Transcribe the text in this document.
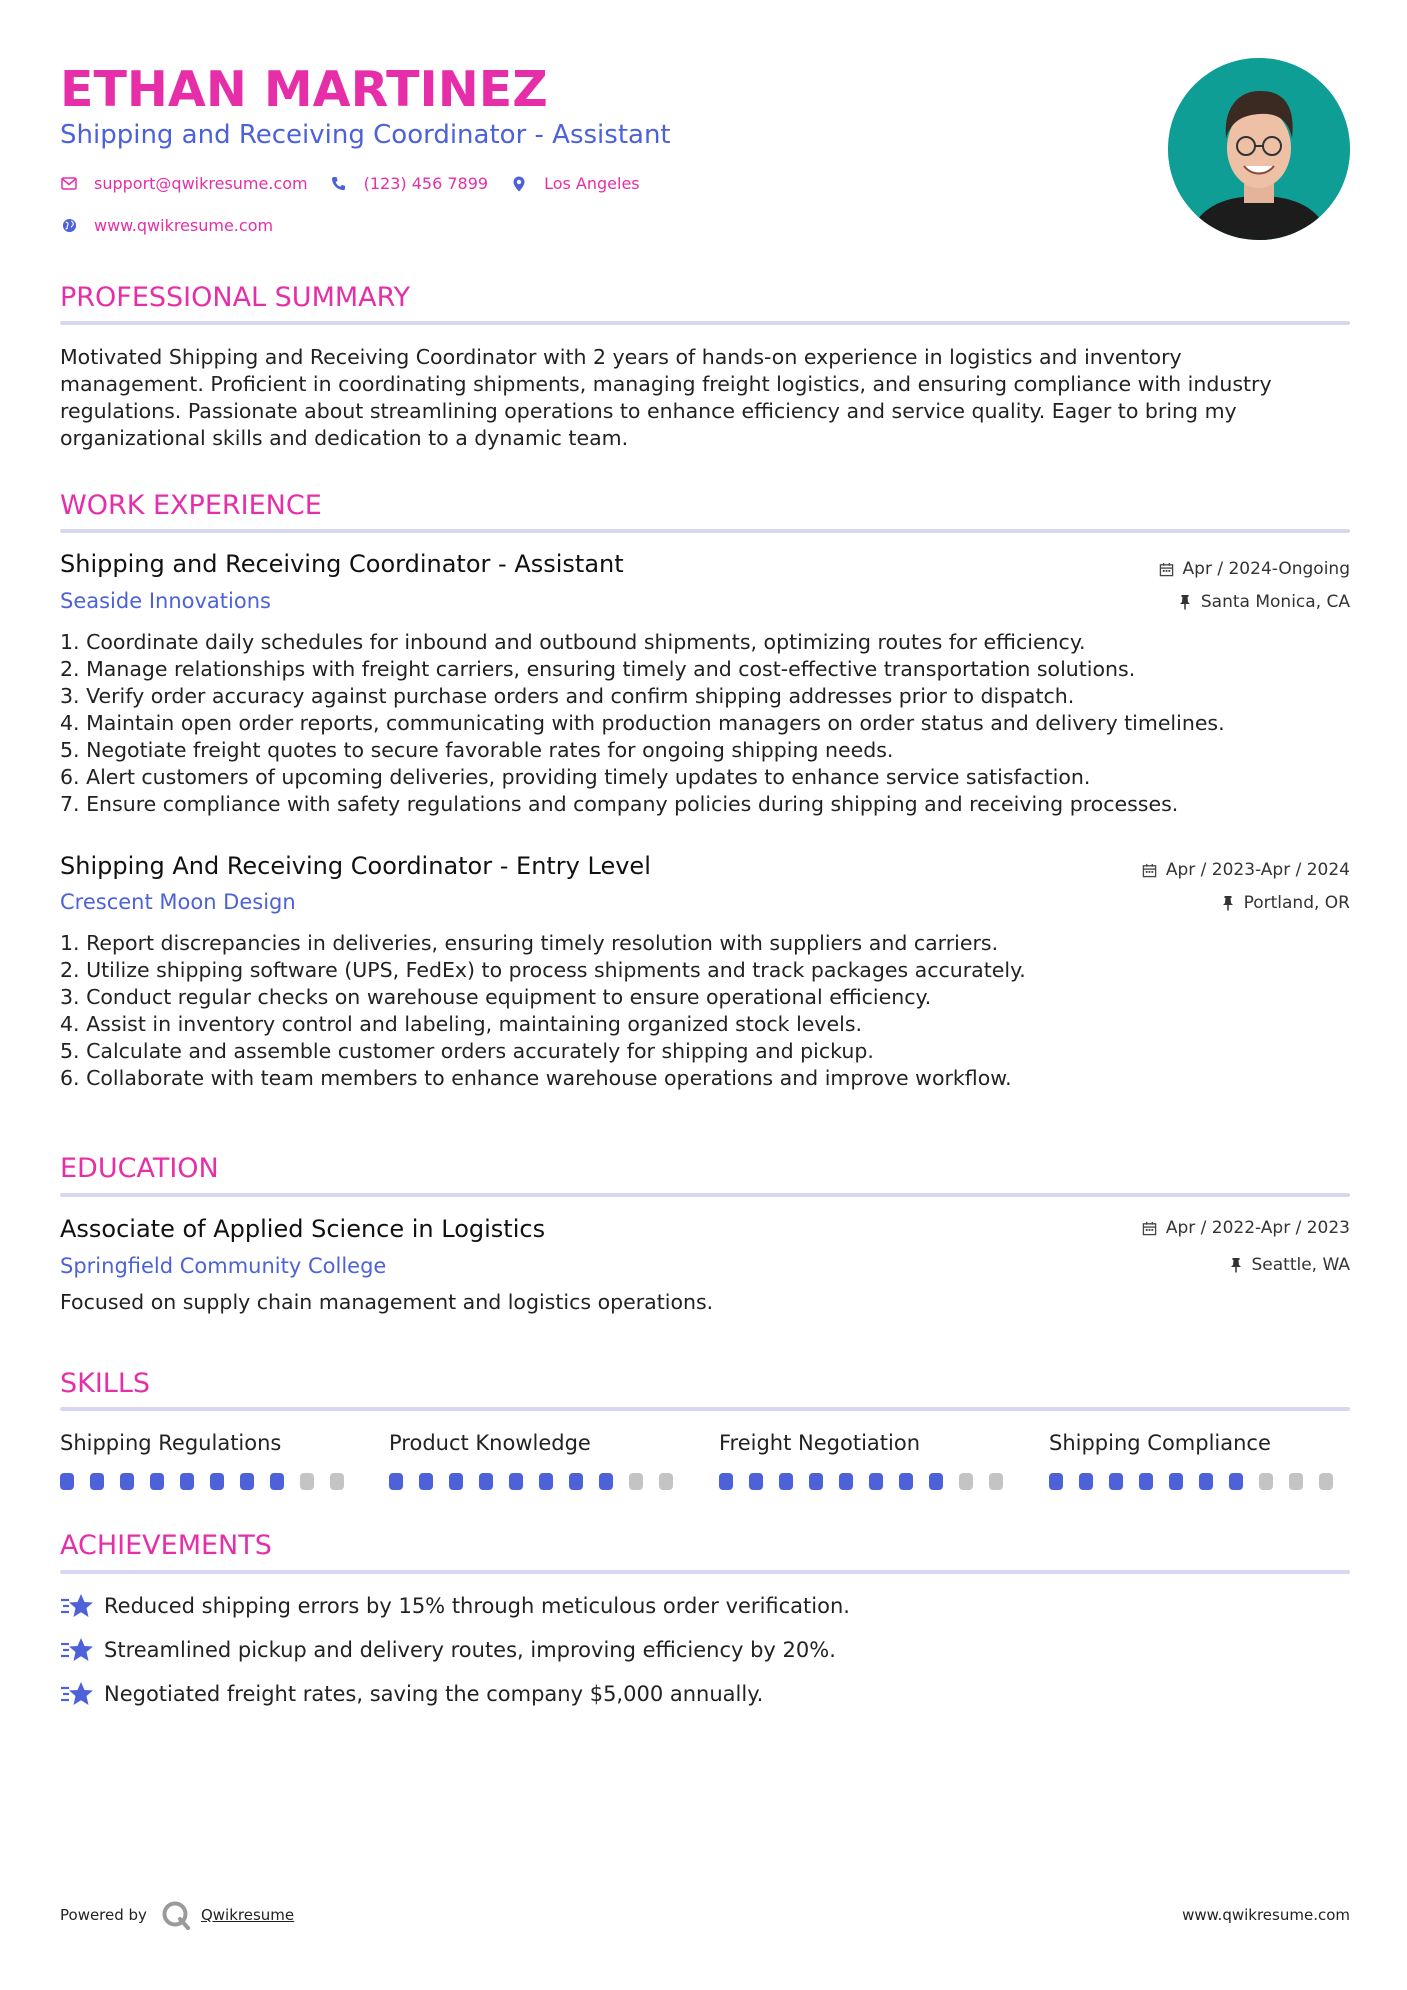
ETHAN MARTINEZ
Shipping and Receiving Coordinator - Assistant
support@qwikresume.com	(123) 456 7899	Los Angeles
www.qwikresume.com
PROFESSIONAL SUMMARY
Motivated Shipping and Receiving Coordinator with 2 years of hands-on experience in logistics and inventory
management. Proficient in coordinating shipments, managing freight logistics, and ensuring compliance with industry
regulations. Passionate about streamlining operations to enhance efficiency and service quality. Eager to bring my
organizational skills and dedication to a dynamic team.
WORK EXPERIENCE
Shipping and Receiving Coordinator - Assistant
Seaside Innovations
Apr / 2024-Ongoing
Santa Monica, CA
1. Coordinate daily schedules for inbound and outbound shipments, optimizing routes for efficiency.
2. Manage relationships with freight carriers, ensuring timely and cost-effective transportation solutions.
3. Verify order accuracy against purchase orders and confirm shipping addresses prior to dispatch.
4. Maintain open order reports, communicating with production managers on order status and delivery timelines.
5. Negotiate freight quotes to secure favorable rates for ongoing shipping needs.
6. Alert customers of upcoming deliveries, providing timely updates to enhance service satisfaction.
7. Ensure compliance with safety regulations and company policies during shipping and receiving processes.
Shipping And Receiving Coordinator - Entry Level
Crescent Moon Design
Apr / 2023-Apr / 2024
Portland, OR
1. Report discrepancies in deliveries, ensuring timely resolution with suppliers and carriers.
2. Utilize shipping software (UPS, FedEx) to process shipments and track packages accurately.
3. Conduct regular checks on warehouse equipment to ensure operational efficiency.
4. Assist in inventory control and labeling, maintaining organized stock levels.
5. Calculate and assemble customer orders accurately for shipping and pickup.
6. Collaborate with team members to enhance warehouse operations and improve workflow.
EDUCATION
Associate of Applied Science in Logistics
Springfield Community College
Apr / 2022-Apr / 2023
Seattle, WA
Focused on supply chain management and logistics operations.
SKILLS
Shipping Regulations	Product Knowledge	Freight Negotiation	Shipping Compliance
ACHIEVEMENTS
Reduced shipping errors by 15% through meticulous order verification.
Streamlined pickup and delivery routes, improving efficiency by 20%.
Negotiated freight rates, saving the company $5,000 annually.
Powered by	Qwikresume	www.qwikresume.com
